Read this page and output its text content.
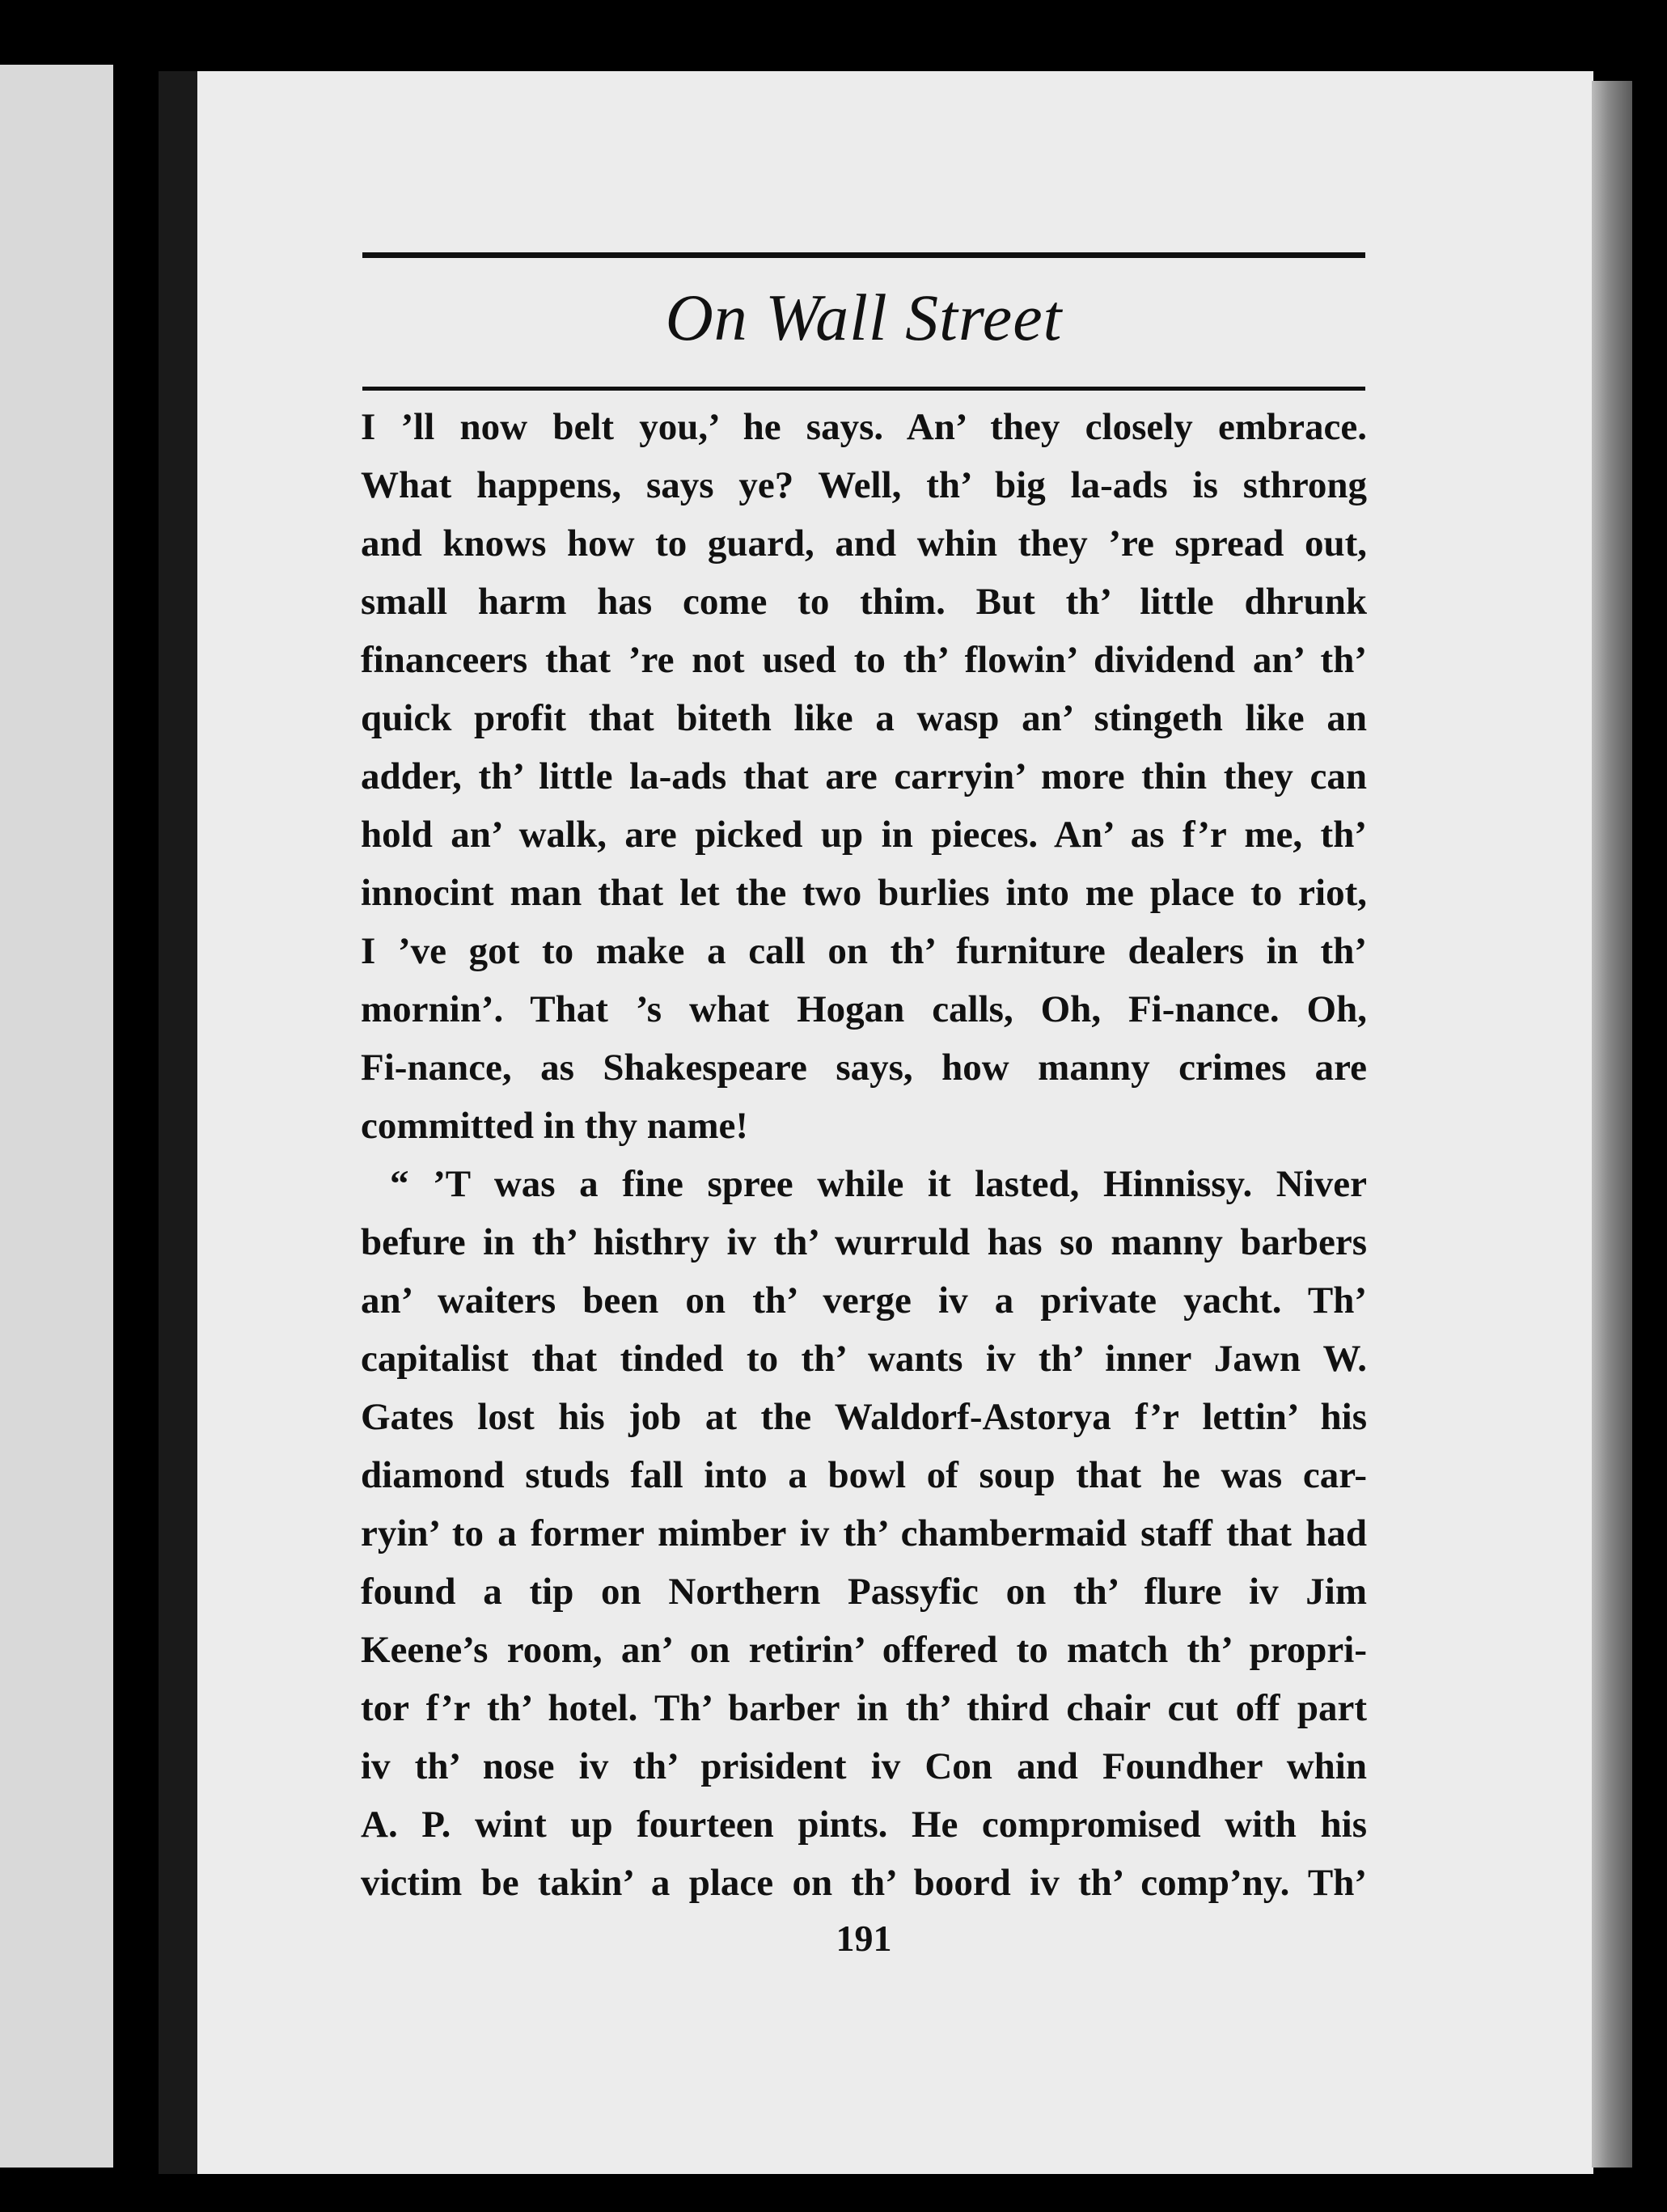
On Wall Street
I ’ll now belt you,’ he says. An’ they closely embrace.
What happens, says ye? Well, th’ big la-ads is sthrong
and knows how to guard, and whin they ’re spread out,
small harm has come to thim. But th’ little dhrunk
financeers that ’re not used to th’ flowin’ dividend an’ th’
quick profit that biteth like a wasp an’ stingeth like an
adder, th’ little la-ads that are carryin’ more thin they can
hold an’ walk, are picked up in pieces. An’ as f’r me, th’
innocint man that let the two burlies into me place to riot,
I ’ve got to make a call on th’ furniture dealers in th’
mornin’. That ’s what Hogan calls, Oh, Fi-nance. Oh,
Fi-nance, as Shakespeare says, how manny crimes are
committed in thy name!
“ ’T was a fine spree while it lasted, Hinnissy. Niver
befure in th’ histhry iv th’ wurruld has so manny barbers
an’ waiters been on th’ verge iv a private yacht. Th’
capitalist that tinded to th’ wants iv th’ inner Jawn W.
Gates lost his job at the Waldorf-Astorya f’r lettin’ his
diamond studs fall into a bowl of soup that he was car-
ryin’ to a former mimber iv th’ chambermaid staff that had
found a tip on Northern Passyfic on th’ flure iv Jim
Keene’s room, an’ on retirin’ offered to match th’ propri-
tor f’r th’ hotel. Th’ barber in th’ third chair cut off part
iv th’ nose iv th’ prisident iv Con and Foundher whin
A. P. wint up fourteen pints. He compromised with his
victim be takin’ a place on th’ boord iv th’ comp’ny. Th’
191
